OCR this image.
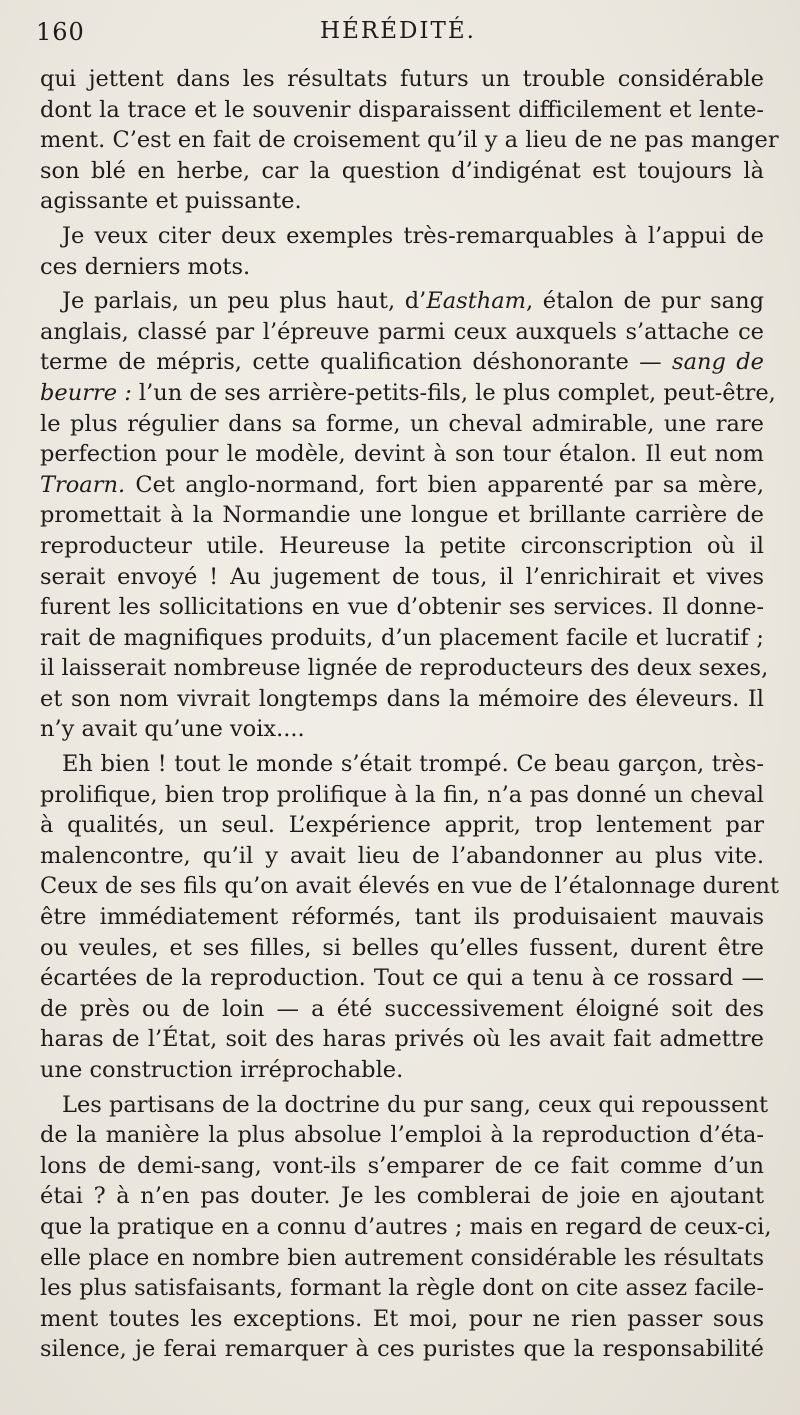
160	HÉRÉDITÉ.
qui jettent dans les résultats futurs un trouble considérable
dont la trace et le souvenir disparaissent difficilement et lente-
ment. C’est en fait de croisement qu’il y a lieu de ne pas manger
son blé en herbe, car la question d’indigénat est toujours là
agissante et puissante.
Je veux citer deux exemples très-remarquables à l’appui de
ces derniers mots.
Je parlais, un peu plus haut, d’Eastham, étalon de pur sang
anglais, classé par l’épreuve parmi ceux auxquels s’attache ce
terme de mépris, cette qualification déshonorante — sang de
beurre : l’un de ses arrière-petits-fils, le plus complet, peut-être,
le plus régulier dans sa forme, un cheval admirable, une rare
perfection pour le modèle, devint à son tour étalon. Il eut nom
Troarn. Cet anglo-normand, fort bien apparenté par sa mère,
promettait à la Normandie une longue et brillante carrière de
reproducteur utile. Heureuse la petite circonscription où il
serait envoyé ! Au jugement de tous, il l’enrichirait et vives
furent les sollicitations en vue d’obtenir ses services. Il donne-
rait de magnifiques produits, d’un placement facile et lucratif ;
il laisserait nombreuse lignée de reproducteurs des deux sexes,
et son nom vivrait longtemps dans la mémoire des éleveurs. Il
n’y avait qu’une voix....
Eh bien ! tout le monde s’était trompé. Ce beau garçon, très-
prolifique, bien trop prolifique à la fin, n’a pas donné un cheval
à qualités, un seul. L’expérience apprit, trop lentement par
malencontre, qu’il y avait lieu de l’abandonner au plus vite.
Ceux de ses fils qu’on avait élevés en vue de l’étalonnage durent
être immédiatement réformés, tant ils produisaient mauvais
ou veules, et ses filles, si belles qu’elles fussent, durent être
écartées de la reproduction. Tout ce qui a tenu à ce rossard —
de près ou de loin — a été successivement éloigné soit des
haras de l’État, soit des haras privés où les avait fait admettre
une construction irréprochable.
Les partisans de la doctrine du pur sang, ceux qui repoussent
de la manière la plus absolue l’emploi à la reproduction d’éta-
lons de demi-sang, vont-ils s’emparer de ce fait comme d’un
étai ? à n’en pas douter. Je les comblerai de joie en ajoutant
que la pratique en a connu d’autres ; mais en regard de ceux-ci,
elle place en nombre bien autrement considérable les résultats
les plus satisfaisants, formant la règle dont on cite assez facile-
ment toutes les exceptions. Et moi, pour ne rien passer sous
silence, je ferai remarquer à ces puristes que la responsabilité
